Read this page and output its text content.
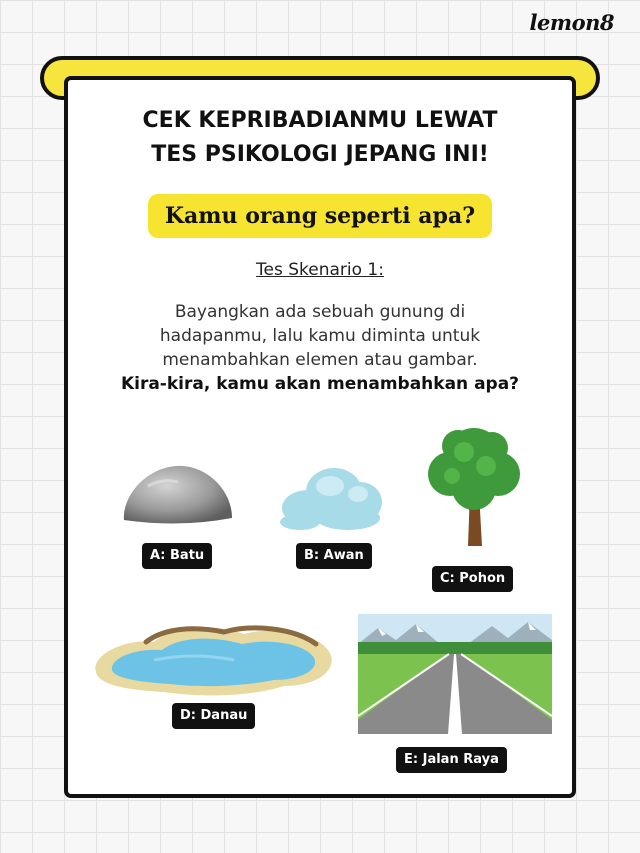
lemon8
CEK KEPRIBADIANMU LEWAT
TES PSIKOLOGI JEPANG INI!
Kamu orang seperti apa?
Tes Skenario 1:
Bayangkan ada sebuah gunung di
hadapanmu, lalu kamu diminta untuk
menambahkan elemen atau gambar.
Kira-kira, kamu akan menambahkan apa?
A: Batu	B: Awan
C: Pohon
D: Danau
E: Jalan Raya
